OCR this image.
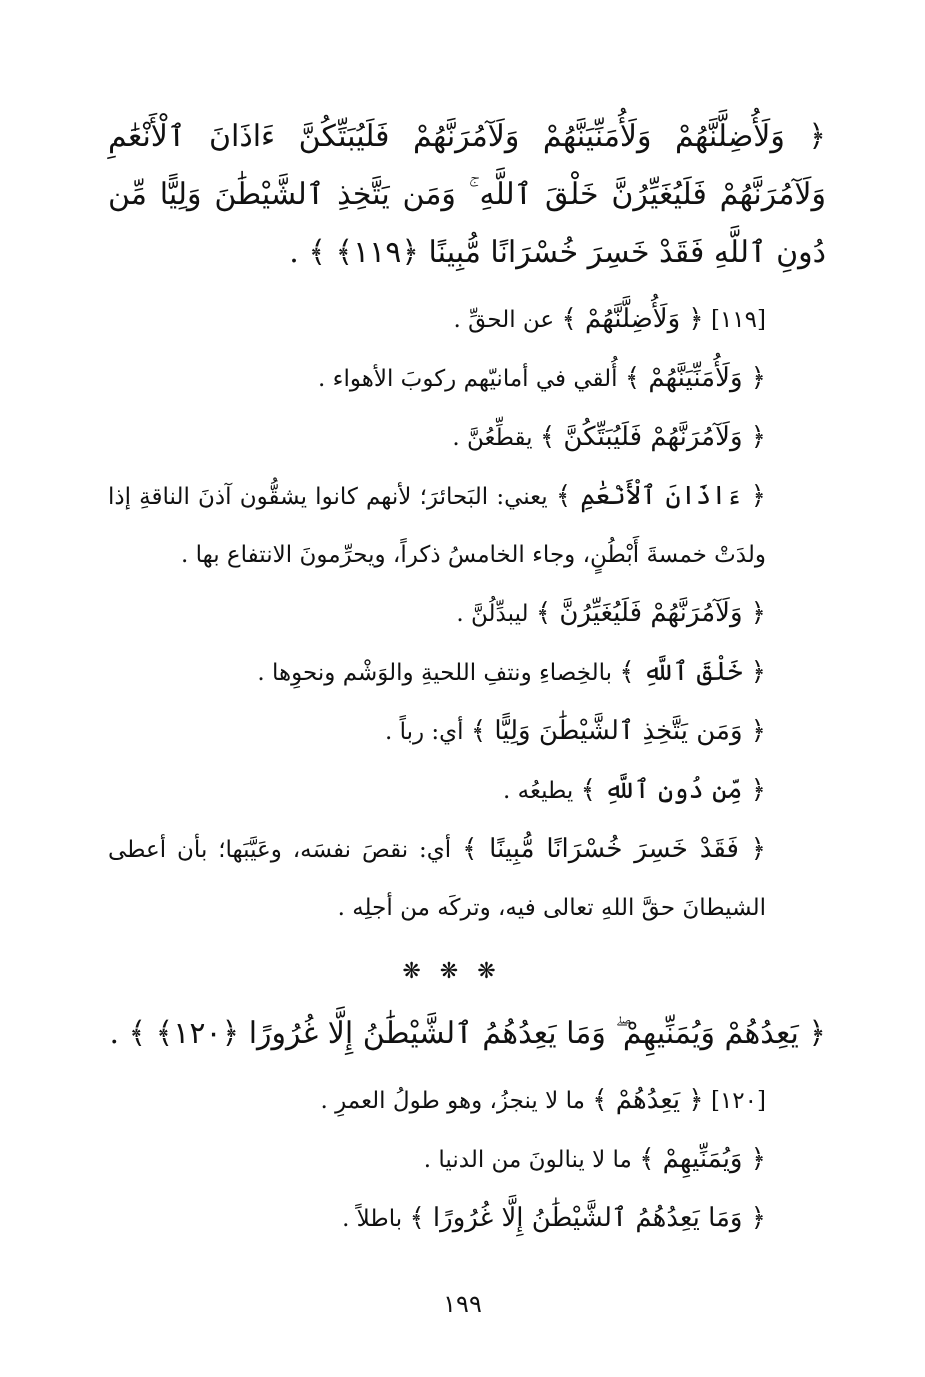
﴿ وَلَأُضِلَّنَّهُمْ وَلَأُمَنِّيَنَّهُمْ وَلَآمُرَنَّهُمْ فَلَيُبَتِّكُنَّ ءَاذَانَ ٱلْأَنْعَٰمِ وَلَآمُرَنَّهُمْ فَلَيُغَيِّرُنَّ خَلْقَ ٱللَّهِ ۚ وَمَن يَتَّخِذِ ٱلشَّيْطَٰنَ وَلِيًّا مِّن دُونِ ٱللَّهِ فَقَدْ خَسِرَ خُسْرَانًا مُّبِينًا ﴿١١٩﴾ ﴾ .

[١١٩] ﴿ وَلَأُضِلَّنَّهُمْ ﴾ عن الحقِّ .

﴿ وَلَأُمَنِّيَنَّهُمْ ﴾ أُلقي في أمانيّهم ركوبَ الأهواء .

﴿ وَلَآمُرَنَّهُمْ فَلَيُبَتِّكُنَّ ﴾ يقطِّعُنَّ .

﴿ ءَاذَانَ ٱلْأَنْعَٰمِ ﴾ يعني: البَحائرَ؛ لأنهم كانوا يشقُّون آذنَ الناقةِ إذا ولدَتْ خمسةَ أَبْطُنٍ، وجاء الخامسُ ذكراً، ويحرِّمونَ الانتفاع بها .

﴿ وَلَآمُرَنَّهُمْ فَلَيُغَيِّرُنَّ ﴾ ليبدِّلُنَّ .

﴿ خَلْقَ ٱللَّهِ ﴾ بالخِصاءِ ونتفِ اللحيةِ والوَشْم ونحوِها .

﴿ وَمَن يَتَّخِذِ ٱلشَّيْطَٰنَ وَلِيًّا ﴾ أي: رباً .

﴿ مِّن دُونِ ٱللَّهِ ﴾ يطيعُه .

﴿ فَقَدْ خَسِرَ خُسْرَانًا مُّبِينًا ﴾ أي: نقصَ نفسَه، وعَيَّبَها؛ بأن أعطى الشيطانَ حقَّ اللهِ تعالى فيه، وتركَه من أجلِه .

❋ ❋ ❋

﴿ يَعِدُهُمْ وَيُمَنِّيهِمْ ۖ وَمَا يَعِدُهُمُ ٱلشَّيْطَٰنُ إِلَّا غُرُورًا ﴿١٢٠﴾ ﴾ .

[١٢٠] ﴿ يَعِدُهُمْ ﴾ ما لا ينجزُ، وهو طولُ العمرِ .

﴿ وَيُمَنِّيهِمْ ﴾ ما لا ينالونَ من الدنيا .

﴿ وَمَا يَعِدُهُمُ ٱلشَّيْطَٰنُ إِلَّا غُرُورًا ﴾ باطلاً .

١٩٩
